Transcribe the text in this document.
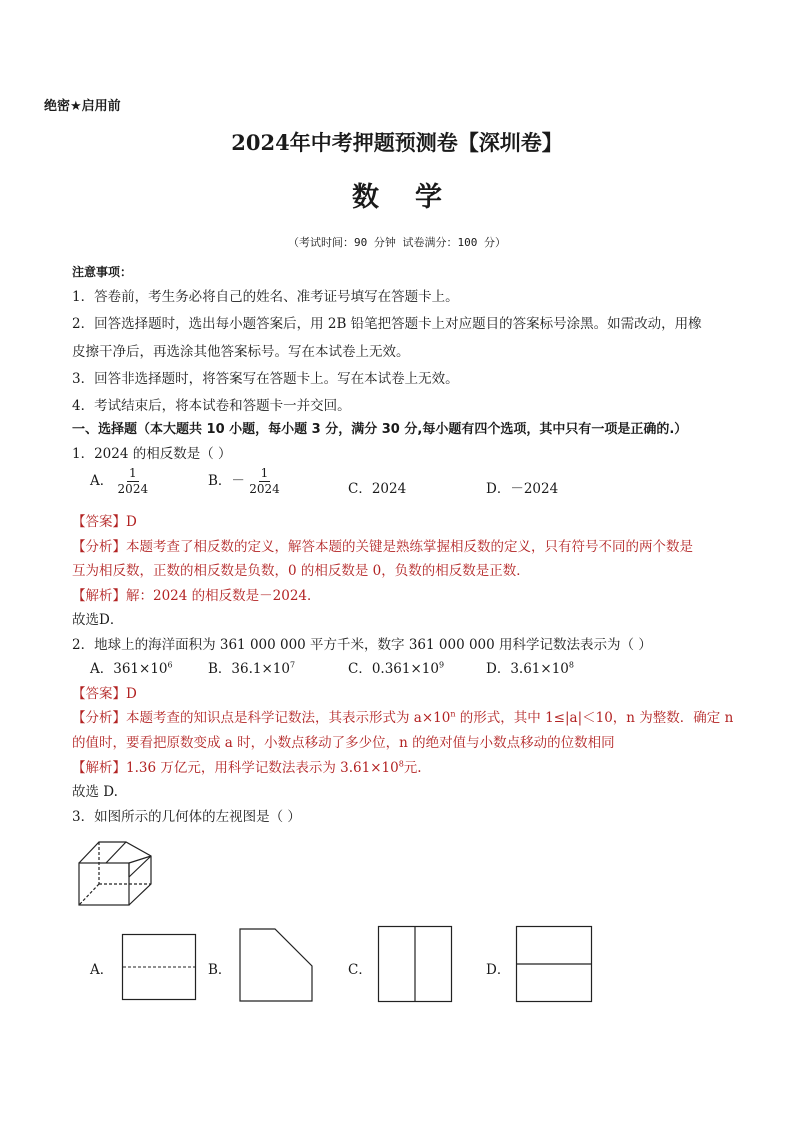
绝密★启用前
2024年中考押题预测卷【深圳卷】
数学
（考试时间：90 分钟 试卷满分：100 分）
注意事项：
1．答卷前，考生务必将自己的姓名、准考证号填写在答题卡上。
2．回答选择题时，选出每小题答案后，用 2B 铅笔把答题卡上对应题目的答案标号涂黑。如需改动，用橡
皮擦干净后，再选涂其他答案标号。写在本试卷上无效。
3．回答非选择题时，将答案写在答题卡上。写在本试卷上无效。
4．考试结束后，将本试卷和答题卡一并交回。
一、选择题（本大题共 10 小题，每小题 3 分，满分 30 分,每小题有四个选项，其中只有一项是正确的.）
1．2024 的相反数是（ ）
A． $\frac{1}{2024}$	B．－ $\frac{1}{2024}$	C．2024	D．－2024
【答案】D
【分析】本题考查了相反数的定义，解答本题的关键是熟练掌握相反数的定义，只有符号不同的两个数是
互为相反数，正数的相反数是负数，0 的相反数是 0，负数的相反数是正数．
【解析】解：2024 的相反数是－2024．
故选D．
2．地球上的海洋面积为 361 000 000 平方千米，数字 361 000 000 用科学记数法表示为（ ）
A．$361\times 10^6$	B．$36.1\times 10^7$	C．$0.361\times 10^9$	D．$3.61\times 10^8$
【答案】D
【分析】本题考查的知识点是科学记数法，其表示形式为 $a\times 10^n$ 的形式，其中 1≤|a|＜10，n 为整数．确定 n
的值时，要看把原数变成 a 时，小数点移动了多少位，n 的绝对值与小数点移动的位数相同
【解析】1.36 万亿元，用科学记数法表示为 $3.61\times 10^8$元.
故选 D.
3．如图所示的几何体的左视图是（ ）
A．	B．	C．	D．
